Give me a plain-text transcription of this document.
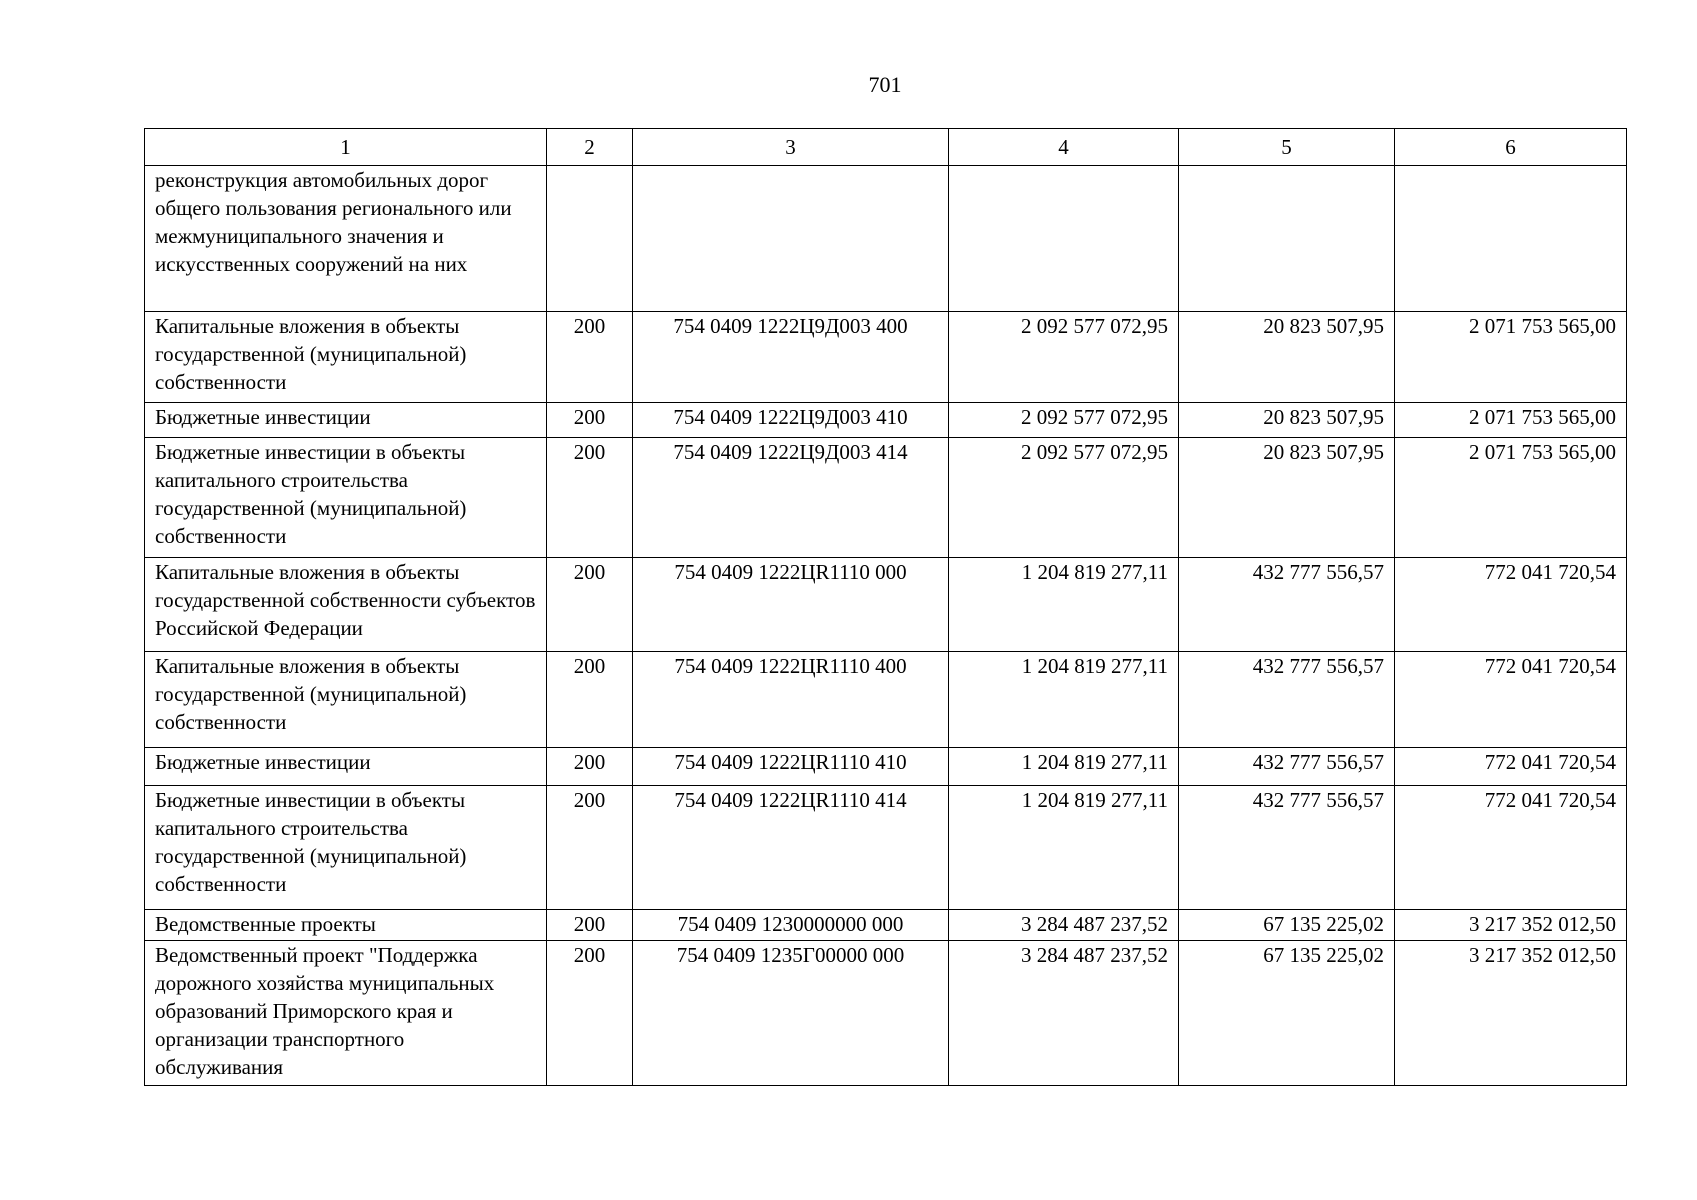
701
1	2	3	4	5	6
реконструкция автомобильных дорог общего пользования регионального или межмуниципального значения и искусственных сооружений на них					
Капитальные вложения в объекты государственной (муниципальной) собственности	200	754 0409 1222Ц9Д003 400	2 092 577 072,95	20 823 507,95	2 071 753 565,00
Бюджетные инвестиции	200	754 0409 1222Ц9Д003 410	2 092 577 072,95	20 823 507,95	2 071 753 565,00
Бюджетные инвестиции в объекты капитального строительства государственной (муниципальной) собственности	200	754 0409 1222Ц9Д003 414	2 092 577 072,95	20 823 507,95	2 071 753 565,00
Капитальные вложения в объекты государственной собственности субъектов Российской Федерации	200	754 0409 1222ЦR1110 000	1 204 819 277,11	432 777 556,57	772 041 720,54
Капитальные вложения в объекты государственной (муниципальной) собственности	200	754 0409 1222ЦR1110 400	1 204 819 277,11	432 777 556,57	772 041 720,54
Бюджетные инвестиции	200	754 0409 1222ЦR1110 410	1 204 819 277,11	432 777 556,57	772 041 720,54
Бюджетные инвестиции в объекты капитального строительства государственной (муниципальной) собственности	200	754 0409 1222ЦR1110 414	1 204 819 277,11	432 777 556,57	772 041 720,54
Ведомственные проекты	200	754 0409 1230000000 000	3 284 487 237,52	67 135 225,02	3 217 352 012,50
Ведомственный проект "Поддержка дорожного хозяйства муниципальных образований Приморского края и организации транспортного обслуживания	200	754 0409 1235Г00000 000	3 284 487 237,52	67 135 225,02	3 217 352 012,50
